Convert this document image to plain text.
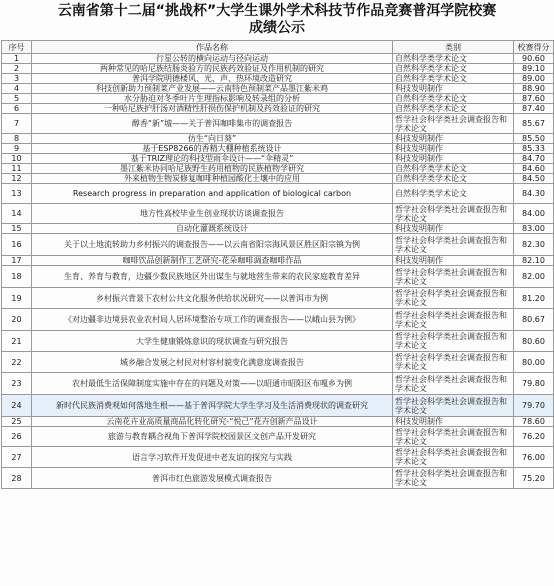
云南省第十二届“挑战杯”大学生课外学术科技节作品竞赛普洱学院校赛
成绩公示
序号	作品名称	类别	校赛得分
1	行星公转的横向运动与径向运动	自然科学类学术论文	90.60
2	两种常见的哈尼族结肠炎验方的民族药效验证及作用机制的研究	自然科学类学术论文	89.10
3	普洱学院明德楼风、光、声、热环境改造研究	自然科学类学术论文	89.00
4	科技创新助力预制菜产业发展——云南特色预制菜产品墨江紫米鸡	科技发明制作	88.90
5	水分胁迫对冬季叶片生理指标影响及转录组的分析	自然科学类学术论文	87.60
6	一种哈尼族护肝汤对酒精性肝损伤保护机制及药效验证的研究	自然科学类学术论文	87.40
7	醇香“新”墟——关于普洱咖啡集市的调查报告	哲学社会科学类社会调查报告和学术论文	85.67
8	仿生“向日葵”	科技发明制作	85.50
9	基于ESP8266的香精大棚种植系统设计	科技发明制作	85.33
10	基于TRIZ理论的科技型雨伞设计——“伞精灵”	科技发明制作	84.70
11	墨江紫米协同哈尼族野生药用植物的民族植物学研究	自然科学类学术论文	84.60
12	外来植物生物炭修复咖啡种植园酸化土壤中的应用	自然科学类学术论文	84.50
13	Research progress in preparation and application of biological carbon	自然科学类学术论文	84.30
14	地方性高校毕业生创业现状访谈调查报告	哲学社会科学类社会调查报告和学术论文	84.00
15	自动化灌溉系统设计	科技发明制作	83.00
16	关于以土地流转助力乡村振兴的调查报告——以云南省阳宗海风景区胜区阳宗镇为例	哲学社会科学类社会调查报告和学术论文	82.30
17	咖啡饮品创新制作工艺研究-花朵咖啡调查咖啡作品	科技发明制作	82.10
18	生育、养育与教育，边疆少数民族地区外出谋生与就地营生带来的农民家庭教育差异	哲学社会科学类社会调查报告和学术论文	82.00
19	乡村振兴背景下农村公共文化服务供给状况研究——以普洱市为例	哲学社会科学类社会调查报告和学术论文	81.20
20	《对边疆非边境县农业农村局人居环境整治专项工作的调查报告——以峨山县为例》	哲学社会科学类社会调查报告和学术论文	80.67
21	大学生健康锻炼意识的现状调查与研究报告	哲学社会科学类社会调查报告和学术论文	80.60
22	城乡融合发展之村民对村容村貌变化满意度调查报告	哲学社会科学类社会调查报告和学术论文	80.00
23	农村最低生活保障制度实施中存在的问题及对策——以昭通市昭阳区布嘎乡为例	哲学社会科学类社会调查报告和学术论文	79.80
24	新时代民族消费观如何落地生根——基于普洱学院大学生学习及生活消费现状的调查研究	哲学社会科学类社会调查报告和学术论文	79.70
25	云南花卉业高质量商品化转化研究-“悦己”花卉创新产品设计	科技发明制作	78.60
26	旅游与教育耦合视角下普洱学院校园景区文创产品开发研究	哲学社会科学类社会调查报告和学术论文	76.20
27	语言学习软件开发促进中老友谊的探究与实践	哲学社会科学类社会调查报告和学术论文	76.00
28	普洱市红色旅游发展模式调查报告	哲学社会科学类社会调查报告和学术论文	75.20
